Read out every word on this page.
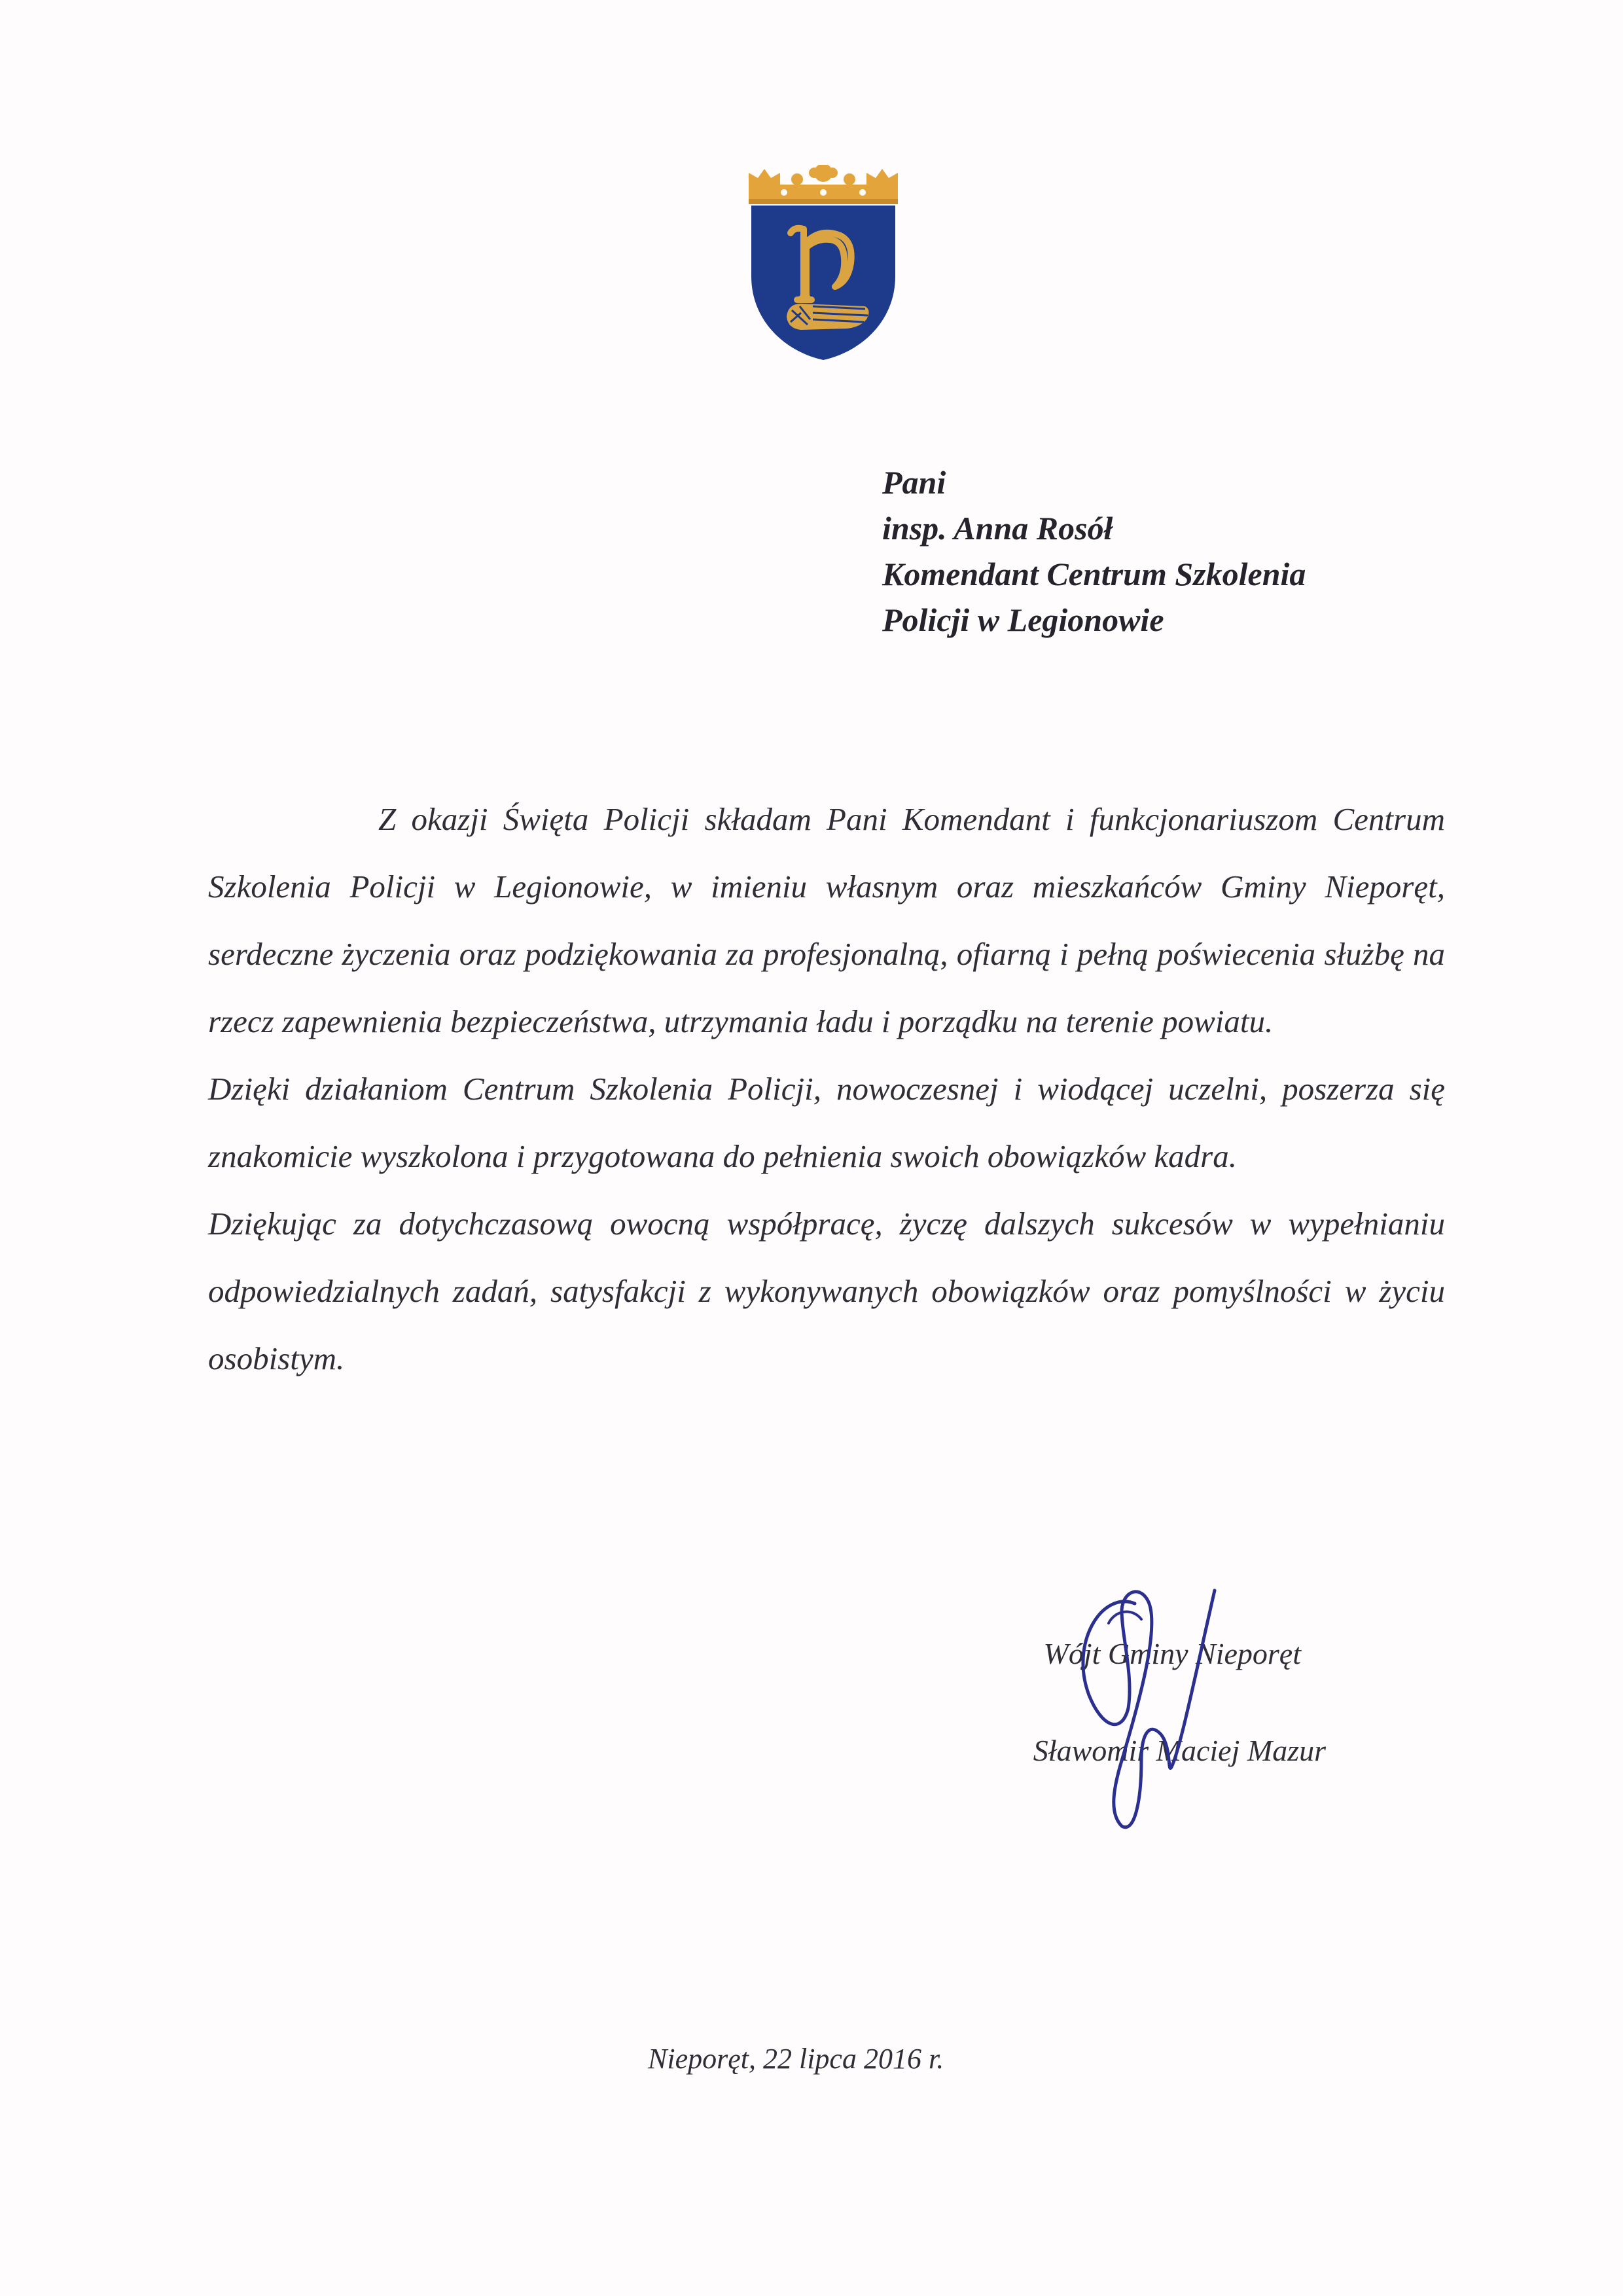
Pani
insp. Anna Rosół
Komendant Centrum Szkolenia
Policji w Legionowie

Z okazji Święta Policji składam Pani Komendant i funkcjonariuszom Centrum Szkolenia Policji w Legionowie, w imieniu własnym oraz mieszkańców Gminy Nieporęt, serdeczne życzenia oraz podziękowania za profesjonalną, ofiarną i pełną poświecenia służbę na rzecz zapewnienia bezpieczeństwa, utrzymania ładu i porządku na terenie powiatu.

Dzięki działaniom Centrum Szkolenia Policji, nowoczesnej i wiodącej uczelni, poszerza się znakomicie wyszkolona i przygotowana do pełnienia swoich obowiązków kadra.

Dziękując za dotychczasową owocną współpracę, życzę dalszych sukcesów w wypełnianiu odpowiedzialnych zadań, satysfakcji z wykonywanych obowiązków oraz pomyślności w życiu osobistym.

Wójt Gminy Nieporęt
Sławomir Maciej Mazur
Nieporęt, 22 lipca 2016 r.
